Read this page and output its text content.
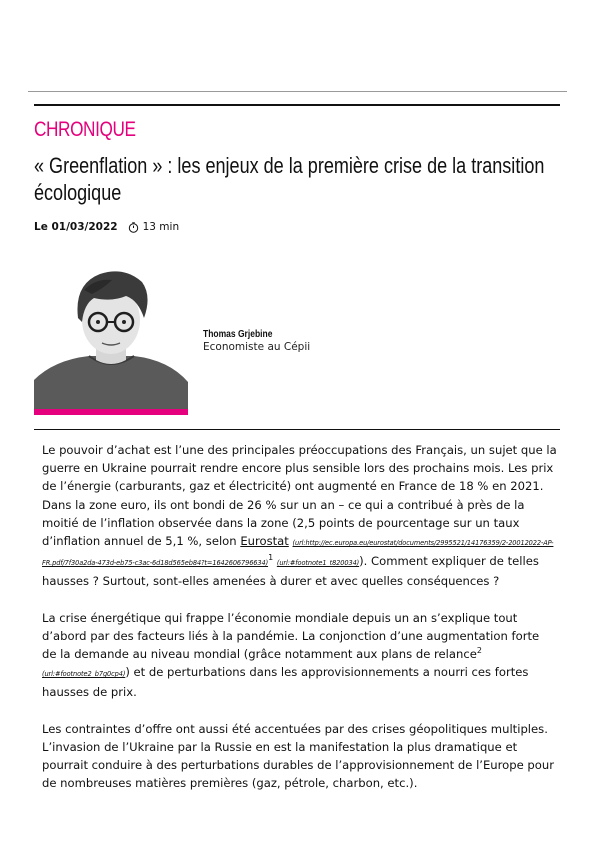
CHRONIQUE
« Greenflation » : les enjeux de la première crise de la transition écologique
Le 01/03/2022 13 min
Thomas Grjebine
Economiste au Cépii

Le pouvoir d’achat est l’une des principales préoccupations des Français, un sujet que la guerre en Ukraine pourrait rendre encore plus sensible lors des prochains mois. Les prix de l’énergie (carburants, gaz et électricité) ont augmenté en France de 18 % en 2021. Dans la zone euro, ils ont bondi de 26 % sur un an – ce qui a contribué à près de la moitié de l’inflation observée dans la zone (2,5 points de pourcentage sur un taux d’inflation annuel de 5,1 %, selon Eurostat (url:http://ec.europa.eu/eurostat/documents/2995521/14176359/2-20012022-AP-FR.pdf/7f30a2da-473d-eb75-c3ac-6d18d565eb84?t=1642606796634)$^1$ (url:#footnote1_t820034)). Comment expliquer de telles hausses ? Surtout, sont-elles amenées à durer et avec quelles conséquences ?

La crise énergétique qui frappe l’économie mondiale depuis un an s’explique tout d’abord par des facteurs liés à la pandémie. La conjonction d’une augmentation forte de la demande au niveau mondial (grâce notamment aux plans de relance$^2$ (url:#footnote2_b7g0cp4)) et de perturbations dans les approvisionnements a nourri ces fortes hausses de prix.

Les contraintes d’offre ont aussi été accentuées par des crises géopolitiques multiples. L’invasion de l’Ukraine par la Russie en est la manifestation la plus dramatique et pourrait conduire à des perturbations durables de l’approvisionnement de l’Europe pour de nombreuses matières premières (gaz, pétrole, charbon, etc.).
